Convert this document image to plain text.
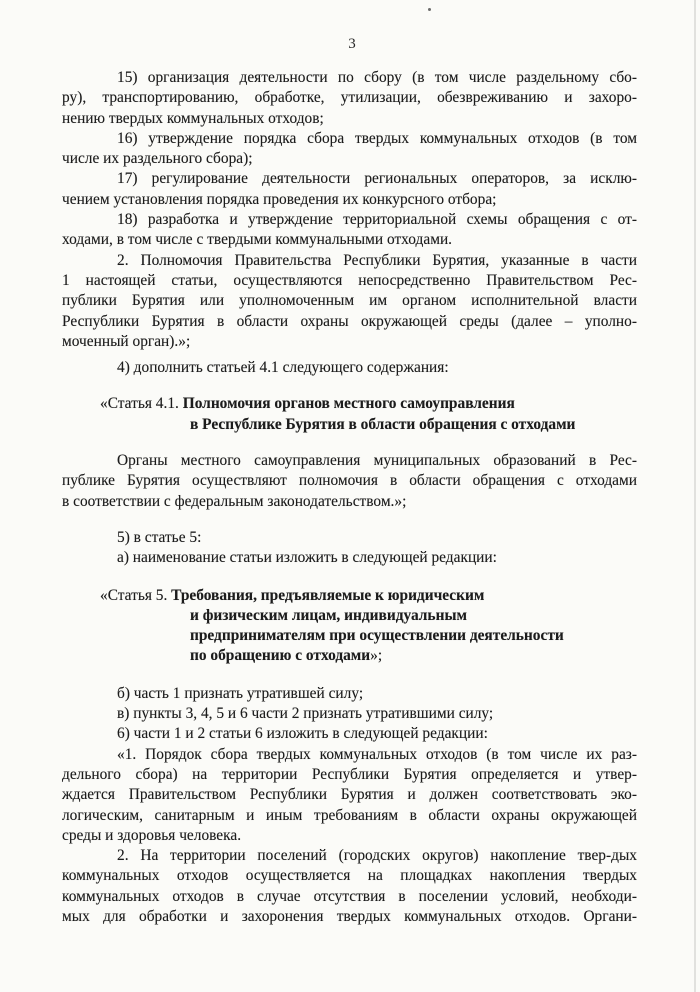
3
15) организация деятельности по сбору (в том числе раздельному сбо-
ру), транспортированию, обработке, утилизации, обезвреживанию и захоро-
нению твердых коммунальных отходов;
16) утверждение порядка сбора твердых коммунальных отходов (в том
числе их раздельного сбора);
17) регулирование деятельности региональных операторов, за исклю-
чением установления порядка проведения их конкурсного отбора;
18) разработка и утверждение территориальной схемы обращения с от-
ходами, в том числе с твердыми коммунальными отходами.
2. Полномочия Правительства Республики Бурятия, указанные в части
1 настоящей статьи, осуществляются непосредственно Правительством Рес-
публики Бурятия или уполномоченным им органом исполнительной власти
Республики Бурятия в области охраны окружающей среды (далее – уполно-
моченный орган).»;
4) дополнить статьей 4.1 следующего содержания:
«Статья 4.1. Полномочия органов местного самоуправления
в Республике Бурятия в области обращения с отходами
Органы местного самоуправления муниципальных образований в Рес-
публике Бурятия осуществляют полномочия в области обращения с отходами
в соответствии с федеральным законодательством.»;
5) в статье 5:
а) наименование статьи изложить в следующей редакции:
«Статья 5. Требования, предъявляемые к юридическим
и физическим лицам, индивидуальным
предпринимателям при осуществлении деятельности
по обращению с отходами»;
б) часть 1 признать утратившей силу;
в) пункты 3, 4, 5 и 6 части 2 признать утратившими силу;
6) части 1 и 2 статьи 6 изложить в следующей редакции:
«1. Порядок сбора твердых коммунальных отходов (в том числе их раз-
дельного сбора) на территории Республики Бурятия определяется и утвер-
ждается Правительством Республики Бурятия и должен соответствовать эко-
логическим, санитарным и иным требованиям в области охраны окружающей
среды и здоровья человека.
2. На территории поселений (городских округов) накопление твер-дых
коммунальных отходов осуществляется на площадках накопления твердых
коммунальных отходов в случае отсутствия в поселении условий, необходи-
мых для обработки и захоронения твердых коммунальных отходов. Органи-
